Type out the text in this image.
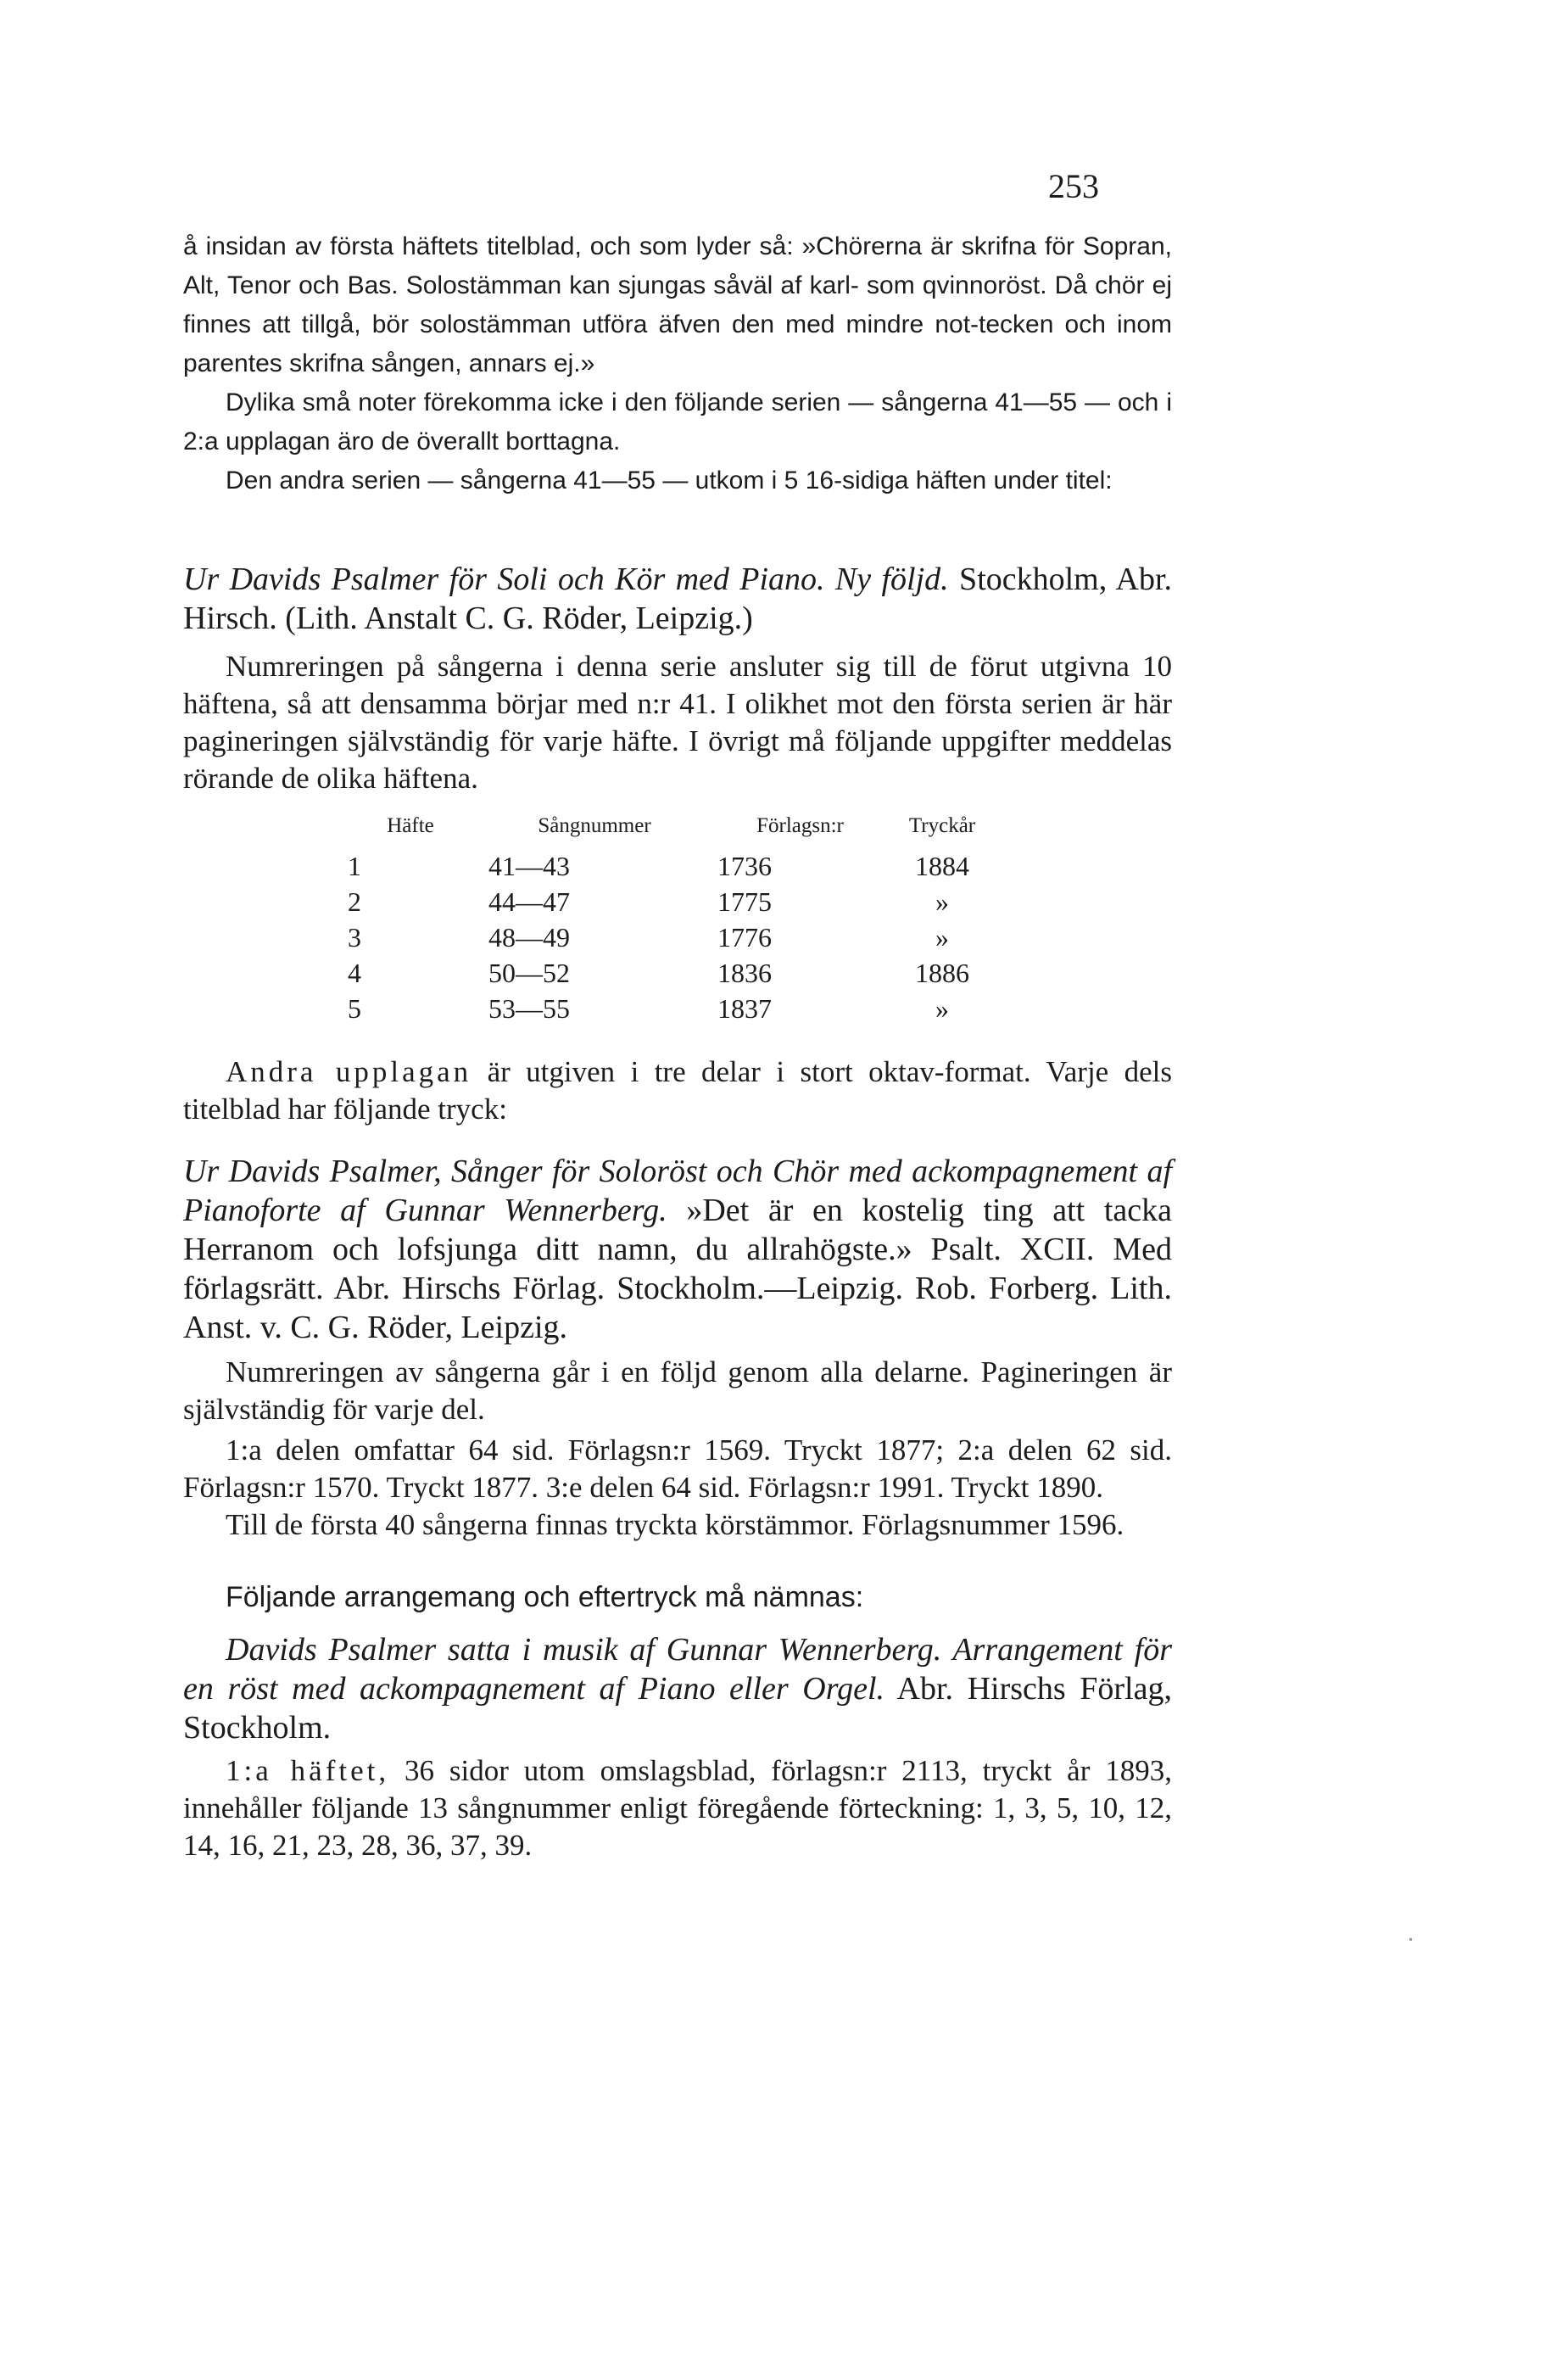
253

å insidan av första häftets titelblad, och som lyder så: »Chörerna är skrifna för Sopran, Alt, Tenor och Bas. Solostämman kan sjungas såväl af karl- som qvinnoröst. Då chör ej finnes att tillgå, bör solostämman utföra äfven den med mindre not-tecken och inom parentes skrifna sången, annars ej.»

Dylika små noter förekomma icke i den följande serien — sångerna 41—55 — och i 2:a upplagan äro de överallt borttagna.

Den andra serien — sångerna 41—55 — utkom i 5 16-sidiga häften under titel:

Ur Davids Psalmer för Soli och Kör med Piano. Ny följd. Stockholm, Abr. Hirsch. (Lith. Anstalt C. G. Röder, Leipzig.)

Numreringen på sångerna i denna serie ansluter sig till de förut utgivna 10 häftena, så att densamma börjar med n:r 41. I olikhet mot den första serien är här pagineringen självständig för varje häfte. I övrigt må följande uppgifter meddelas rörande de olika häftena.

Häfte	Sångnummer	Förlagsn:r	Tryckår
1	41—43	1736	1884
2	44—47	1775	»
3	48—49	1776	»
4	50—52	1836	1886
5	53—55	1837	»

Andra upplagan är utgiven i tre delar i stort oktav-format. Varje dels titelblad har följande tryck:

Ur Davids Psalmer, Sånger för Soloröst och Chör med ackompagnement af Pianoforte af Gunnar Wennerberg. »Det är en kostelig ting att tacka Herranom och lofsjunga ditt namn, du allrahögste.» Psalt. XCII. Med förlagsrätt. Abr. Hirschs Förlag. Stockholm.—Leipzig. Rob. Forberg. Lith. Anst. v. C. G. Röder, Leipzig.

Numreringen av sångerna går i en följd genom alla delarne. Pagineringen är självständig för varje del.

1:a delen omfattar 64 sid. Förlagsn:r 1569. Tryckt 1877; 2:a delen 62 sid. Förlagsn:r 1570. Tryckt 1877. 3:e delen 64 sid. Förlagsn:r 1991. Tryckt 1890.

Till de första 40 sångerna finnas tryckta körstämmor. Förlagsnummer 1596.

Följande arrangemang och eftertryck må nämnas:

Davids Psalmer satta i musik af Gunnar Wennerberg. Arrangement för en röst med ackompagnement af Piano eller Orgel. Abr. Hirschs Förlag, Stockholm.

1:a häftet, 36 sidor utom omslagsblad, förlagsn:r 2113, tryckt år 1893, innehåller följande 13 sångnummer enligt föregående förteckning: 1, 3, 5, 10, 12, 14, 16, 21, 23, 28, 36, 37, 39.
